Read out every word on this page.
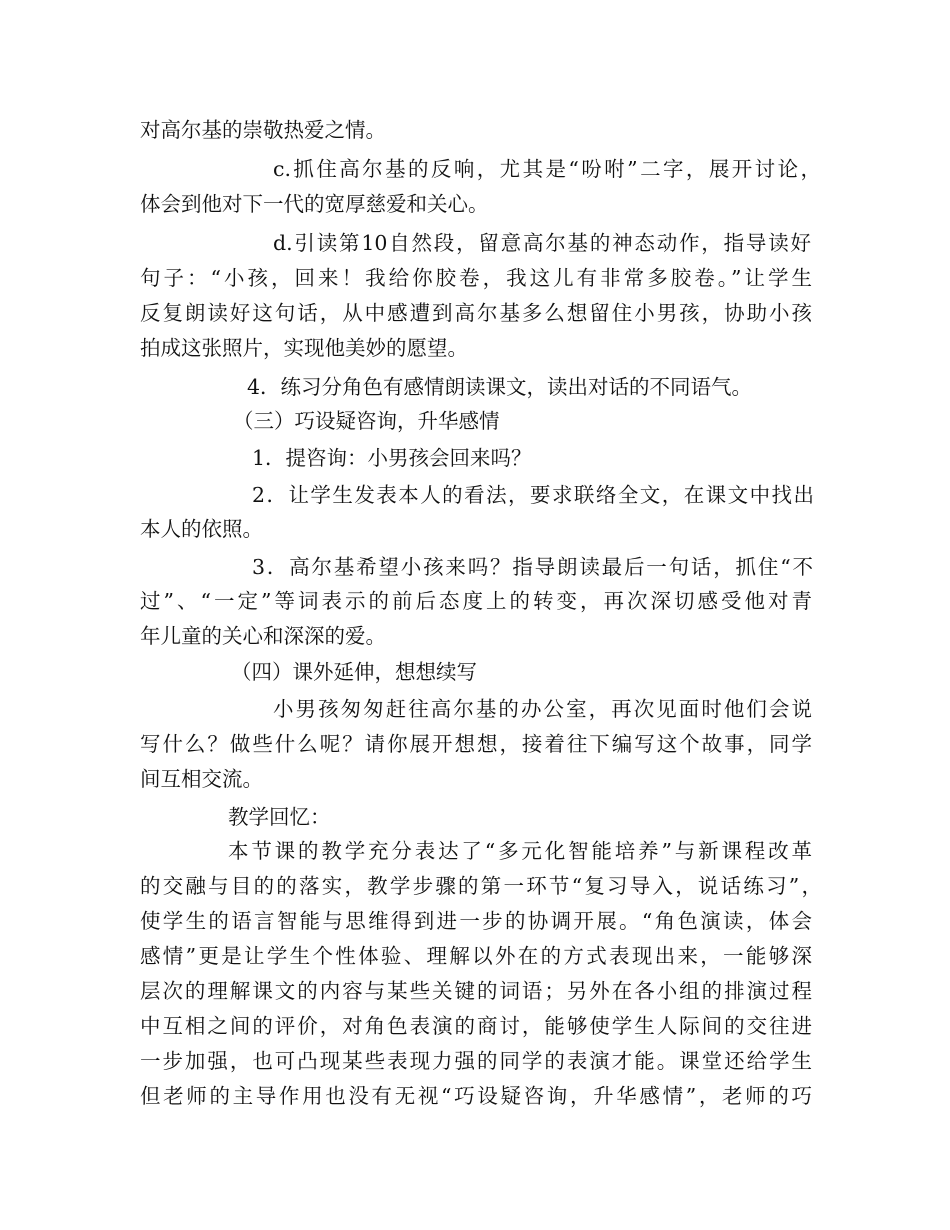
对高尔基的崇敬热爱之情。
c.抓住高尔基的反响，尤其是“吩咐”二字，展开讨论，
体会到他对下一代的宽厚慈爱和关心。
d.引读第10自然段，留意高尔基的神态动作，指导读好
句子：“小孩，回来！我给你胶卷，我这儿有非常多胶卷。”让学生
反复朗读好这句话，从中感遭到高尔基多么想留住小男孩，协助小孩
拍成这张照片，实现他美妙的愿望。
4．练习分角色有感情朗读课文，读出对话的不同语气。
（三）巧设疑咨询，升华感情
1．提咨询：小男孩会回来吗？
2．让学生发表本人的看法，要求联络全文，在课文中找出
本人的依照。
3．高尔基希望小孩来吗？指导朗读最后一句话，抓住“不
过”、“一定”等词表示的前后态度上的转变，再次深切感受他对青
年儿童的关心和深深的爱。
（四）课外延伸，想想续写
小男孩匆匆赶往高尔基的办公室，再次见面时他们会说
写什么？做些什么呢？请你展开想想，接着往下编写这个故事，同学
间互相交流。
教学回忆：
本节课的教学充分表达了“多元化智能培养”与新课程改革
的交融与目的的落实，教学步骤的第一环节“复习导入，说话练习”，
使学生的语言智能与思维得到进一步的协调开展。“角色演读，体会
感情”更是让学生个性体验、理解以外在的方式表现出来，一能够深
层次的理解课文的内容与某些关键的词语；另外在各小组的排演过程
中互相之间的评价，对角色表演的商讨，能够使学生人际间的交往进
一步加强，也可凸现某些表现力强的同学的表演才能。课堂还给学生
但老师的主导作用也没有无视“巧设疑咨询，升华感情”，老师的巧
